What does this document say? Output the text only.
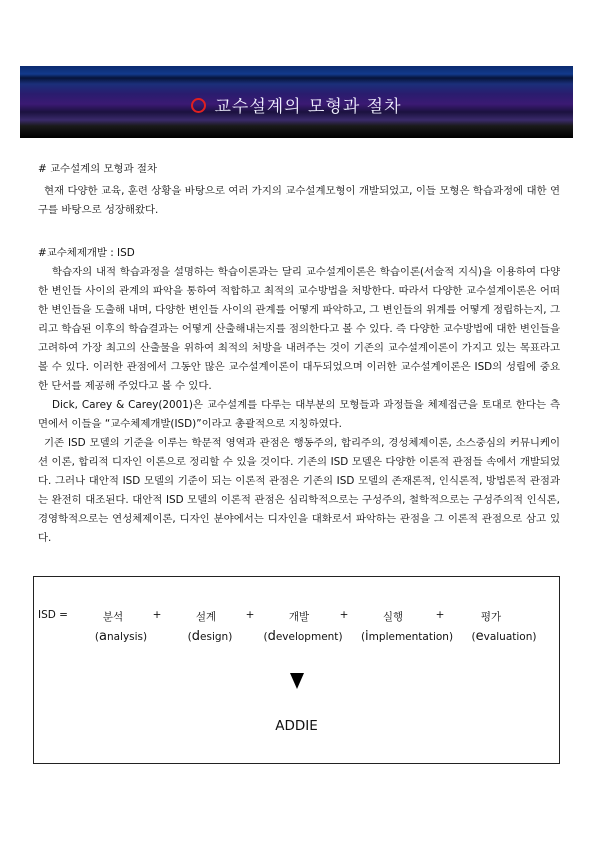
교수설계의 모형과 절차
# 교수설계의 모형과 절차

현재 다양한 교육, 훈련 상황을 바탕으로 여러 가지의 교수설계모형이 개발되었고, 이들 모형은 학습과정에 대한 연구를 바탕으로 성장해왔다.

#교수체제개발 : ISD

학습자의 내적 학습과정을 설명하는 학습이론과는 달리 교수설계이론은 학습이론(서술적 지식)을 이용하여 다양한 변인들 사이의 관계의 파악을 통하여 적합하고 최적의 교수방법을 처방한다. 따라서 다양한 교수설계이론은 어떠한 변인들을 도출해 내며, 다양한 변인들 사이의 관계를 어떻게 파악하고, 그 변인들의 위계를 어떻게 정립하는지, 그리고 학습된 이후의 학습결과는 어떻게 산출해내는지를 점의한다고 볼 수 있다. 즉 다양한 교수방법에 대한 변인들을 고려하여 가장 최고의 산출물을 위하여 최적의 처방을 내려주는 것이 기존의 교수설계이론이 가지고 있는 목표라고 볼 수 있다. 이러한 관점에서 그동안 많은 교수설계이론이 대두되었으며 이러한 교수설계이론은 ISD의 성립에 중요한 단서를 제공해 주었다고 볼 수 있다.

Dick, Carey & Carey(2001)은 교수설계를 다루는 대부분의 모형들과 과정들을 체제접근을 토대로 한다는 측면에서 이들을 “교수체제개발(ISD)”이라고 총괄적으로 지칭하였다.

기존 ISD 모델의 기준을 이루는 학문적 영역과 관점은 행동주의, 합리주의, 경성체제이론, 소스중심의 커뮤니케이션 이론, 합리적 디자인 이론으로 정리할 수 있을 것이다. 기존의 ISD 모델은 다양한 이론적 관점들 속에서 개발되었다. 그러나 대안적 ISD 모델의 기준이 되는 이론적 관점은 기존의 ISD 모델의 존재론적, 인식론적, 방법론적 관점과는 완전히 대조된다. 대안적 ISD 모델의 이론적 관점은 심리학적으로는 구성주의, 철학적으로는 구성주의적 인식론, 경영학적으로는 연성체제이론, 디자인 분야에서는 디자인을 대화로서 파악하는 관점을 그 이론적 관점으로 삼고 있다.

ISD =	분석	+	설계	+	개발	+	실행	+	평가
(analysis)	(design)	(development) (implementation) (evaluation)
ADDIE
